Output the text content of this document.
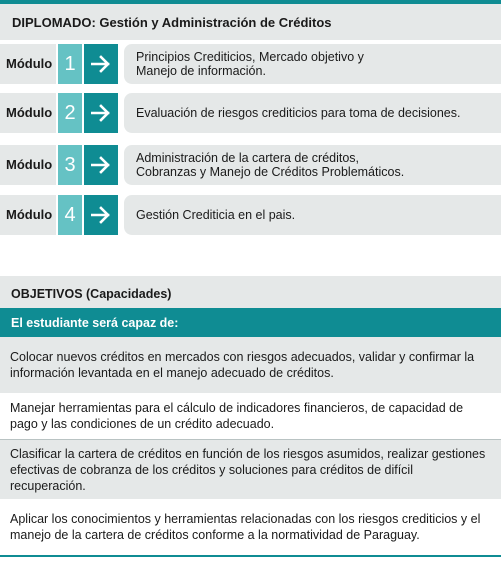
DIPLOMADO: Gestión y Administración de Créditos
Módulo 1	Principios Crediticios, Mercado objetivo y
Manejo de información.
Módulo 2	Evaluación de riesgos crediticios para toma de decisiones.
Módulo 3	Administración de la cartera de créditos,
Cobranzas y Manejo de Créditos Problemáticos.
Módulo 4	Gestión Crediticia en el pais.
OBJETIVOS (Capacidades)
El estudiante será capaz de:
Colocar nuevos créditos en mercados con riesgos adecuados, validar y confirmar la información levantada en el manejo adecuado de créditos.
Manejar herramientas para el cálculo de indicadores financieros, de capacidad de pago y las condiciones de un crédito adecuado.
Clasificar la cartera de créditos en función de los riesgos asumidos, realizar gestiones efectivas de cobranza de los créditos y soluciones para créditos de difícil recuperación.
Aplicar los conocimientos y herramientas relacionadas con los riesgos crediticios y el manejo de la cartera de créditos conforme a la normatividad de Paraguay.
